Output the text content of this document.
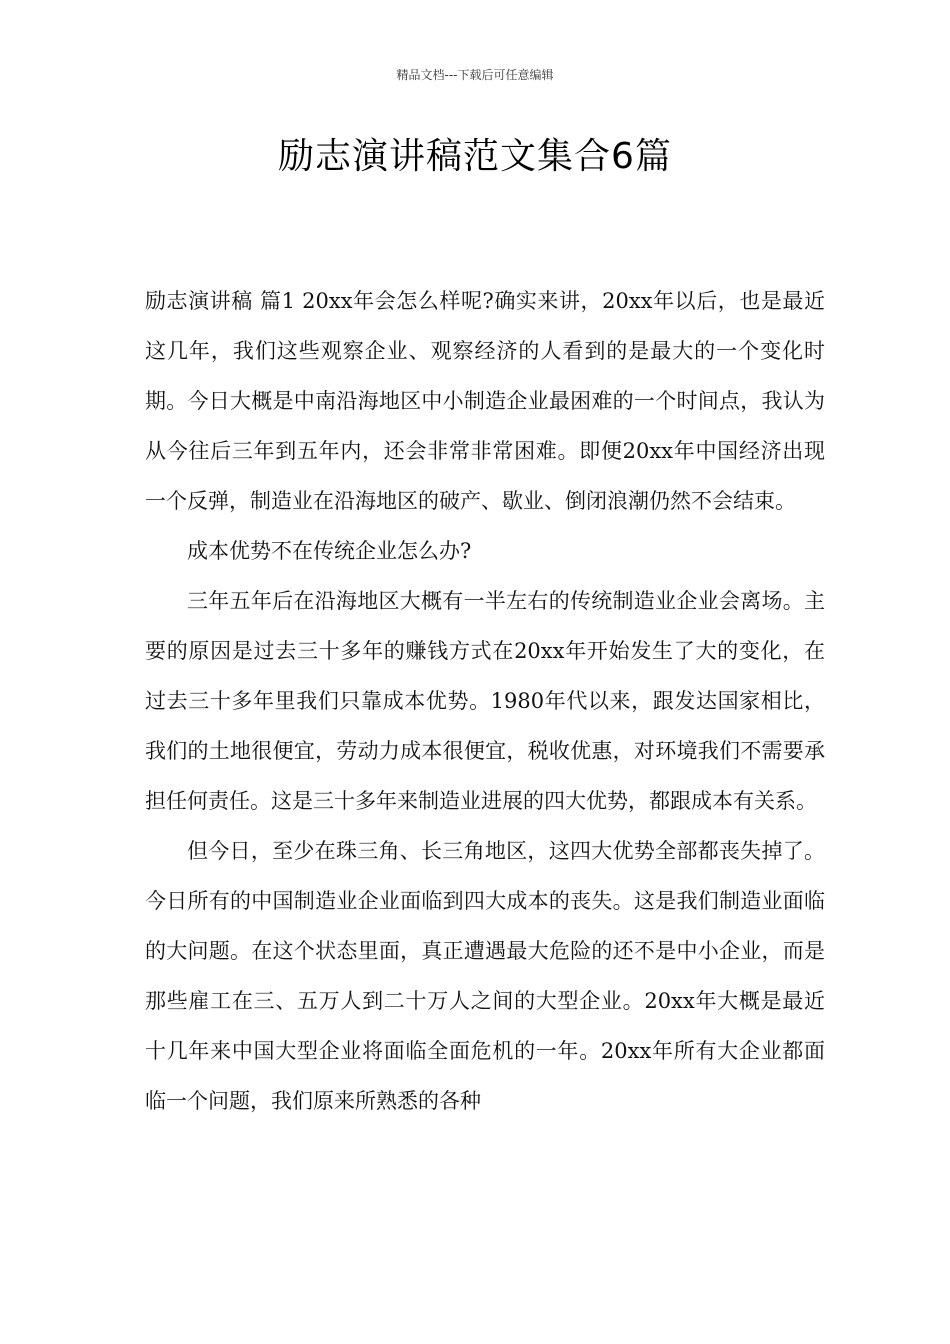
精品文档---下载后可任意编辑
励志演讲稿范文集合6篇

励志演讲稿 篇1 20xx年会怎么样呢?确实来讲，20xx年以后，也是最近这几年，我们这些观察企业、观察经济的人看到的是最大的一个变化时期。今日大概是中南沿海地区中小制造企业最困难的一个时间点，我认为从今往后三年到五年内，还会非常非常困难。即便20xx年中国经济出现一个反弹，制造业在沿海地区的破产、歇业、倒闭浪潮仍然不会结束。

成本优势不在传统企业怎么办?

三年五年后在沿海地区大概有一半左右的传统制造业企业会离场。主要的原因是过去三十多年的赚钱方式在20xx年开始发生了大的变化，在过去三十多年里我们只靠成本优势。1980年代以来，跟发达国家相比，我们的土地很便宜，劳动力成本很便宜，税收优惠，对环境我们不需要承担任何责任。这是三十多年来制造业进展的四大优势，都跟成本有关系。

但今日，至少在珠三角、长三角地区，这四大优势全部都丧失掉了。今日所有的中国制造业企业面临到四大成本的丧失。这是我们制造业面临的大问题。在这个状态里面，真正遭遇最大危险的还不是中小企业，而是那些雇工在三、五万人到二十万人之间的大型企业。20xx年大概是最近十几年来中国大型企业将面临全面危机的一年。20xx年所有大企业都面临一个问题，我们原来所熟悉的各种
